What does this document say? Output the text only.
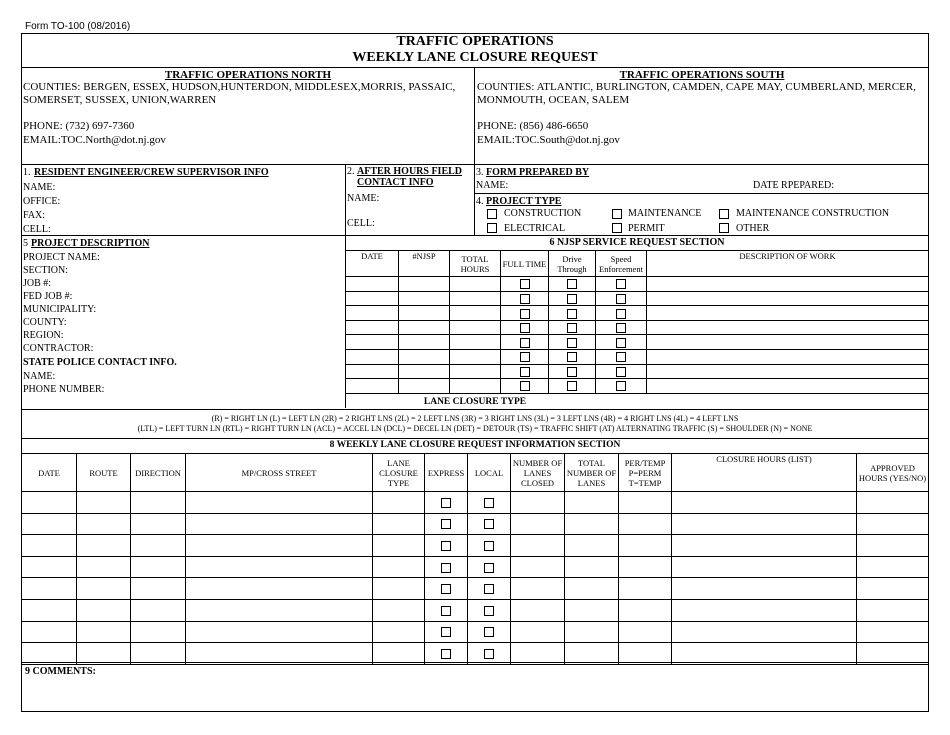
Form TO-100 (08/2016)
TRAFFIC OPERATIONS
WEEKLY LANE CLOSURE REQUEST
TRAFFIC OPERATIONS NORTH
COUNTIES: BERGEN, ESSEX, HUDSON,HUNTERDON, MIDDLESEX,MORRIS, PASSAIC,
SOMERSET, SUSSEX, UNION,WARREN
PHONE: (732) 697-7360
EMAIL:TOC.North@dot.nj.gov
TRAFFIC OPERATIONS SOUTH
COUNTIES: ATLANTIC, BURLINGTON, CAMDEN, CAPE MAY, CUMBERLAND, MERCER,
MONMOUTH, OCEAN, SALEM
PHONE: (856) 486-6650
EMAIL:TOC.South@dot.nj.gov
1. RESIDENT ENGINEER/CREW SUPERVISOR INFO
NAME:
OFFICE:
FAX:
CELL:
2. AFTER HOURS FIELD
CONTACT INFO
NAME:
CELL:
3. FORM PREPARED BY
NAME:	DATE RPEPARED:
4. PROJECT TYPE
CONSTRUCTION	MAINTENANCE	MAINTENANCE CONSTRUCTION
ELECTRICAL	PERMIT	OTHER
5 PROJECT DESCRIPTION
PROJECT NAME:
SECTION:
JOB #:
FED JOB #:
MUNICIPALITY:
COUNTY:
REGION:
CONTRACTOR:
STATE POLICE CONTACT INFO.
NAME:
PHONE NUMBER:
6 NJSP SERVICE REQUEST SECTION
DATE	#NJSP	TOTAL HOURS	FULL TIME	Drive Through	Speed Enforcement	DESCRIPTION OF WORK

LANE CLOSURE TYPE
(R) = RIGHT LN (L) = LEFT LN (2R) = 2 RIGHT LNS (2L) = 2 LEFT LNS (3R) = 3 RIGHT LNS (3L) = 3 LEFT LNS (4R) = 4 RIGHT LNS (4L) = 4 LEFT LNS
(LTL) = LEFT TURN LN (RTL) = RIGHT TURN LN (ACL) = ACCEL LN (DCL) = DECEL LN (DET) = DETOUR (TS) = TRAFFIC SHIFT (AT) ALTERNATING TRAFFIC (S) = SHOULDER (N) = NONE
8 WEEKLY LANE CLOSURE REQUEST INFORMATION SECTION
DATE	ROUTE	DIRECTION	MP/CROSS STREET	LANE CLOSURE TYPE	EXPRESS	LOCAL	NUMBER OF LANES CLOSED	TOTAL NUMBER OF LANES	PER/TEMP P=PERM T=TEMP	CLOSURE HOURS (LIST)	APPROVED HOURS (YES/NO)

9 COMMENTS:
